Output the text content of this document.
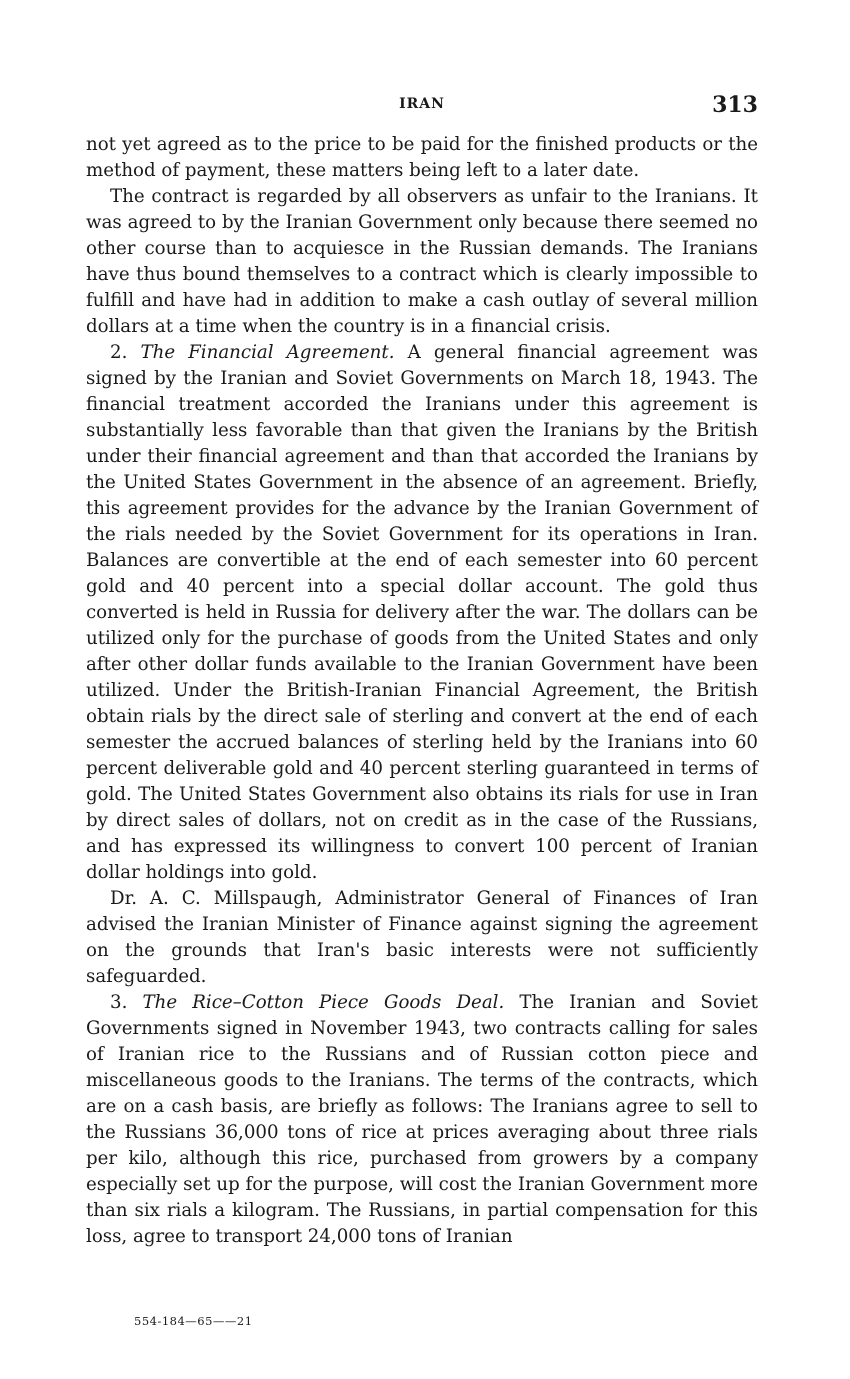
IRAN	313

not yet agreed as to the price to be paid for the finished products or the method of payment, these matters being left to a later date.

The contract is regarded by all observers as unfair to the Iranians. It was agreed to by the Iranian Government only because there seemed no other course than to acquiesce in the Russian demands. The Iranians have thus bound themselves to a contract which is clearly impossible to fulfill and have had in addition to make a cash outlay of several million dollars at a time when the country is in a financial crisis.

2. The Financial Agreement. A general financial agreement was signed by the Iranian and Soviet Governments on March 18, 1943. The financial treatment accorded the Iranians under this agreement is substantially less favorable than that given the Iranians by the British under their financial agreement and than that accorded the Iranians by the United States Government in the absence of an agreement. Briefly, this agreement provides for the advance by the Iranian Government of the rials needed by the Soviet Government for its operations in Iran. Balances are convertible at the end of each semester into 60 percent gold and 40 percent into a special dollar account. The gold thus converted is held in Russia for delivery after the war. The dollars can be utilized only for the purchase of goods from the United States and only after other dollar funds available to the Iranian Government have been utilized. Under the British-Iranian Financial Agreement, the British obtain rials by the direct sale of sterling and convert at the end of each semester the accrued balances of sterling held by the Iranians into 60 percent deliverable gold and 40 percent sterling guaranteed in terms of gold. The United States Government also obtains its rials for use in Iran by direct sales of dollars, not on credit as in the case of the Russians, and has expressed its willingness to convert 100 percent of Iranian dollar holdings into gold.

Dr. A. C. Millspaugh, Administrator General of Finances of Iran advised the Iranian Minister of Finance against signing the agreement on the grounds that Iran's basic interests were not sufficiently safeguarded.

3. The Rice–Cotton Piece Goods Deal. The Iranian and Soviet Governments signed in November 1943, two contracts calling for sales of Iranian rice to the Russians and of Russian cotton piece and miscellaneous goods to the Iranians. The terms of the contracts, which are on a cash basis, are briefly as follows: The Iranians agree to sell to the Russians 36,000 tons of rice at prices averaging about three rials per kilo, although this rice, purchased from growers by a company especially set up for the purpose, will cost the Iranian Government more than six rials a kilogram. The Russians, in partial compensation for this loss, agree to transport 24,000 tons of Iranian

554-184—65——21
